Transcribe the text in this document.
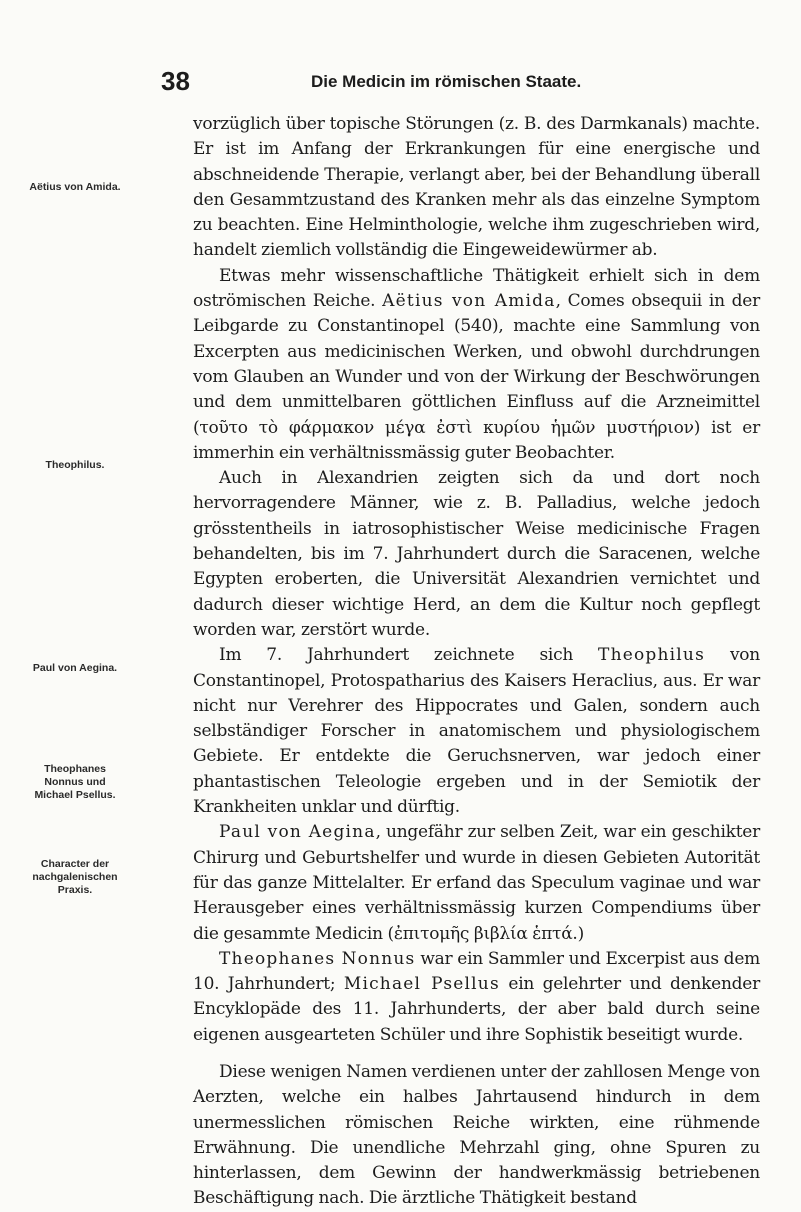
38	Die Medicin im römischen Staate.
Aëtius von Amida.
Theophilus.
Paul von Aegina.
Theophanes
Nonnus und
Michael Psellus.
Character der
nachgalenischen
Praxis.

vorzüglich über topische Störungen (z. B. des Darmkanals) machte. Er ist im Anfang der Erkrankungen für eine energische und abschneidende Therapie, verlangt aber, bei der Behandlung überall den Gesammtzustand des Kranken mehr als das einzelne Symptom zu beachten. Eine Helminthologie, welche ihm zugeschrieben wird, handelt ziemlich vollständig die Eingeweidewürmer ab.

Etwas mehr wissenschaftliche Thätigkeit erhielt sich in dem oströmischen Reiche. Aëtius von Amida, Comes obsequii in der Leibgarde zu Constantinopel (540), machte eine Sammlung von Excerpten aus medicinischen Werken, und obwohl durchdrungen vom Glauben an Wunder und von der Wirkung der Beschwörungen und dem unmittelbaren göttlichen Einfluss auf die Arzneimittel (τοῦτο τὸ φάρμακον μέγα ἐστὶ κυρίου ἡμῶν μυστήριον) ist er immerhin ein verhältnissmässig guter Beobachter.

Auch in Alexandrien zeigten sich da und dort noch hervorragendere Männer, wie z. B. Palladius, welche jedoch grösstentheils in iatrosophistischer Weise medicinische Fragen behandelten, bis im 7. Jahrhundert durch die Saracenen, welche Egypten eroberten, die Universität Alexandrien vernichtet und dadurch dieser wichtige Herd, an dem die Kultur noch gepflegt worden war, zerstört wurde.

Im 7. Jahrhundert zeichnete sich Theophilus von Constantinopel, Protospatharius des Kaisers Heraclius, aus. Er war nicht nur Verehrer des Hippocrates und Galen, sondern auch selbständiger Forscher in anatomischem und physiologischem Gebiete. Er entdekte die Geruchsnerven, war jedoch einer phantastischen Teleologie ergeben und in der Semiotik der Krankheiten unklar und dürftig.

Paul von Aegina, ungefähr zur selben Zeit, war ein geschikter Chirurg und Geburtshelfer und wurde in diesen Gebieten Autorität für das ganze Mittelalter. Er erfand das Speculum vaginae und war Herausgeber eines verhältnissmässig kurzen Compendiums über die gesammte Medicin (ἐπιτομῆς βιβλία ἑπτά.)

Theophanes Nonnus war ein Sammler und Excerpist aus dem 10. Jahrhundert; Michael Psellus ein gelehrter und denkender Encyklopäde des 11. Jahrhunderts, der aber bald durch seine eigenen ausgearteten Schüler und ihre Sophistik beseitigt wurde.

Diese wenigen Namen verdienen unter der zahllosen Menge von Aerzten, welche ein halbes Jahrtausend hindurch in dem unermesslichen römischen Reiche wirkten, eine rühmende Erwähnung. Die unendliche Mehrzahl ging, ohne Spuren zu hinterlassen, dem Gewinn der handwerkmässig betriebenen Beschäftigung nach. Die ärztliche Thätigkeit bestand
